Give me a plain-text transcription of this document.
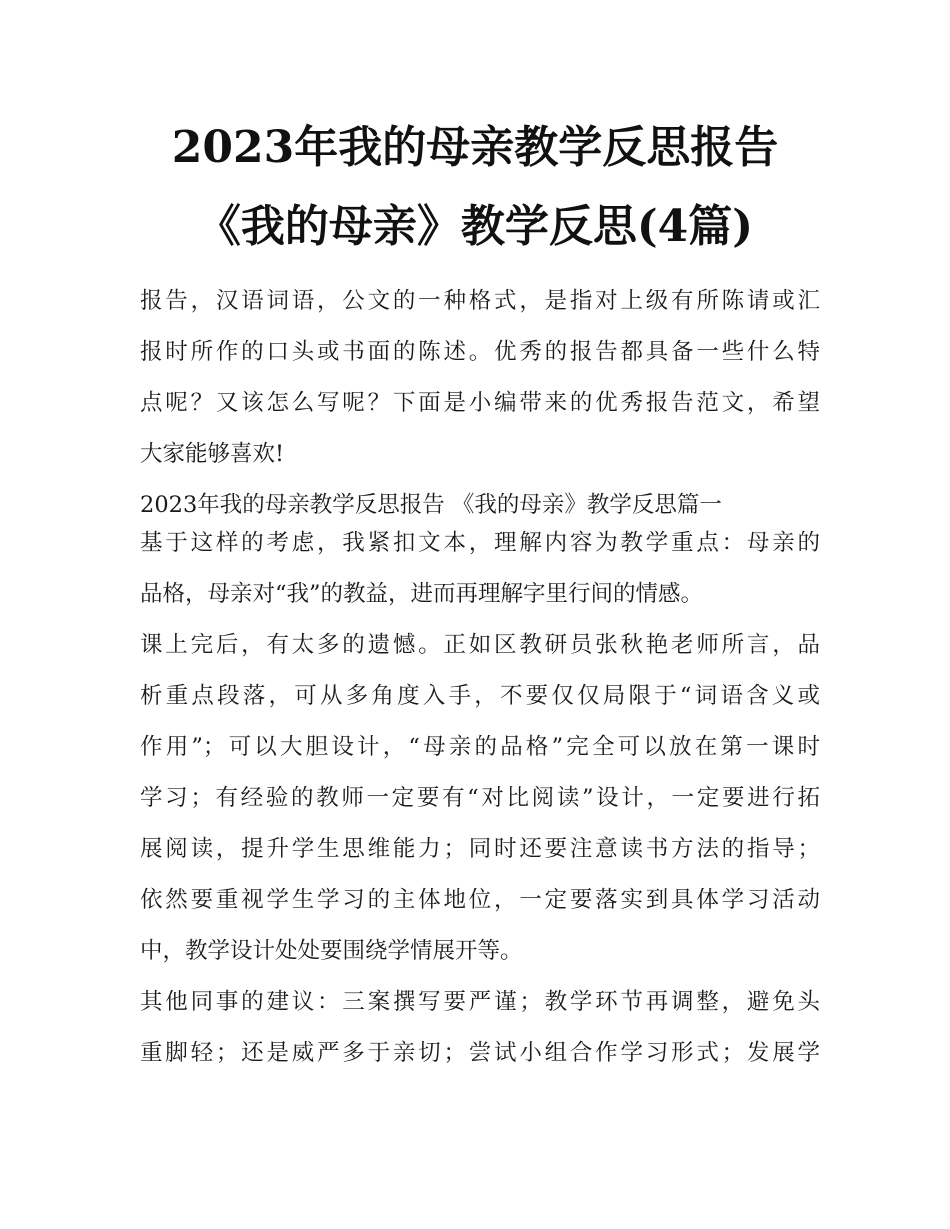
2023年我的母亲教学反思报告
《我的母亲》教学反思(4篇)
报告，汉语词语，公文的一种格式，是指对上级有所陈请或汇
报时所作的口头或书面的陈述。优秀的报告都具备一些什么特
点呢？又该怎么写呢？下面是小编带来的优秀报告范文，希望
大家能够喜欢!
2023年我的母亲教学反思报告 《我的母亲》教学反思篇一
基于这样的考虑，我紧扣文本，理解内容为教学重点：母亲的
品格，母亲对“我”的教益，进而再理解字里行间的情感。
课上完后，有太多的遗憾。正如区教研员张秋艳老师所言，品
析重点段落，可从多角度入手，不要仅仅局限于“词语含义或
作用”；可以大胆设计，“母亲的品格”完全可以放在第一课时
学习；有经验的教师一定要有“对比阅读”设计，一定要进行拓
展阅读，提升学生思维能力；同时还要注意读书方法的指导；
依然要重视学生学习的主体地位，一定要落实到具体学习活动
中，教学设计处处要围绕学情展开等。
其他同事的建议：三案撰写要严谨；教学环节再调整，避免头
重脚轻；还是威严多于亲切；尝试小组合作学习形式；发展学
